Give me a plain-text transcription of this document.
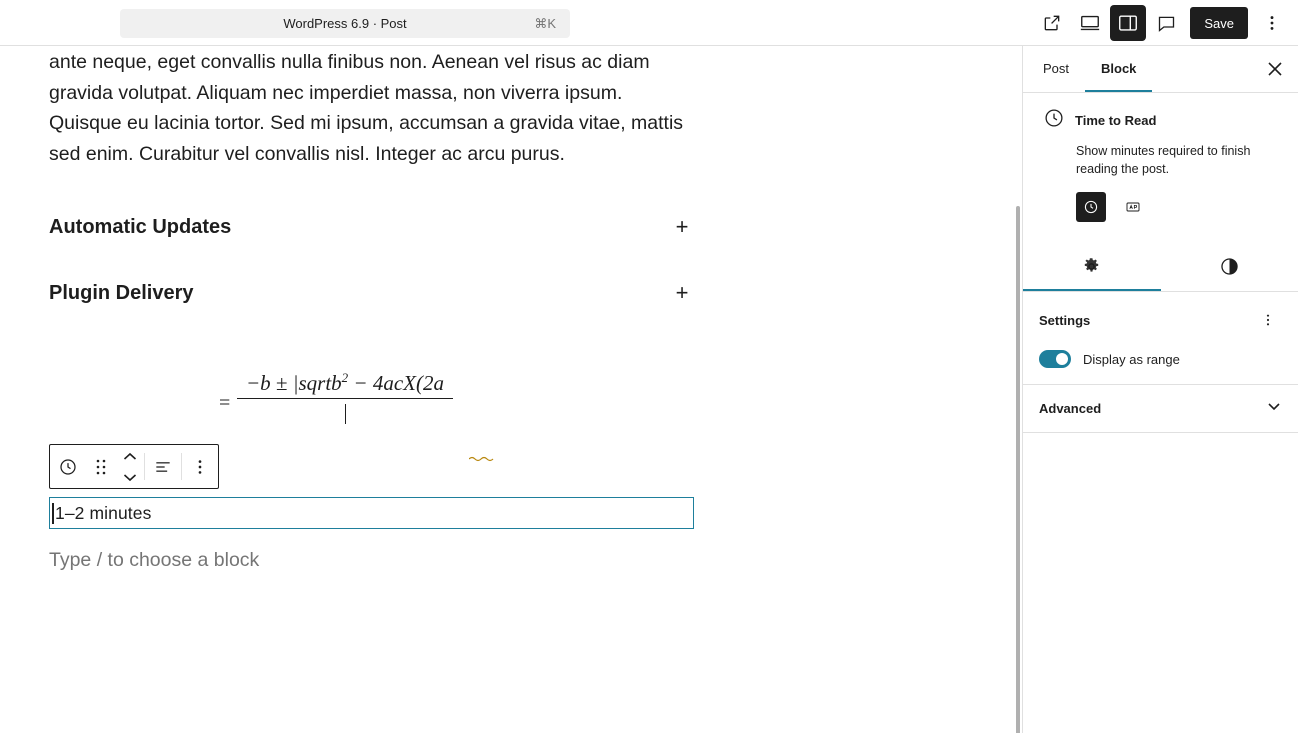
WordPress 6.9 · Post	⌘K	Save

ante neque, eget convallis nulla finibus non. Aenean vel risus ac diam gravida volutpat. Aliquam nec imperdiet massa, non viverra ipsum. Quisque eu lacinia tortor. Sed mi ipsum, accumsan a gravida vitae, mattis sed enim. Curabitur vel convallis nisl. Integer ac arcu purus.

Automatic Updates	+
Plugin Delivery	+
=
−b ± |sqrtb$^2$ − 4acX(2a
1–2 minutes
Type / to choose a block
Post	Block
Time to Read
Show minutes required to finish reading the post.
Settings
Display as range
Advanced
